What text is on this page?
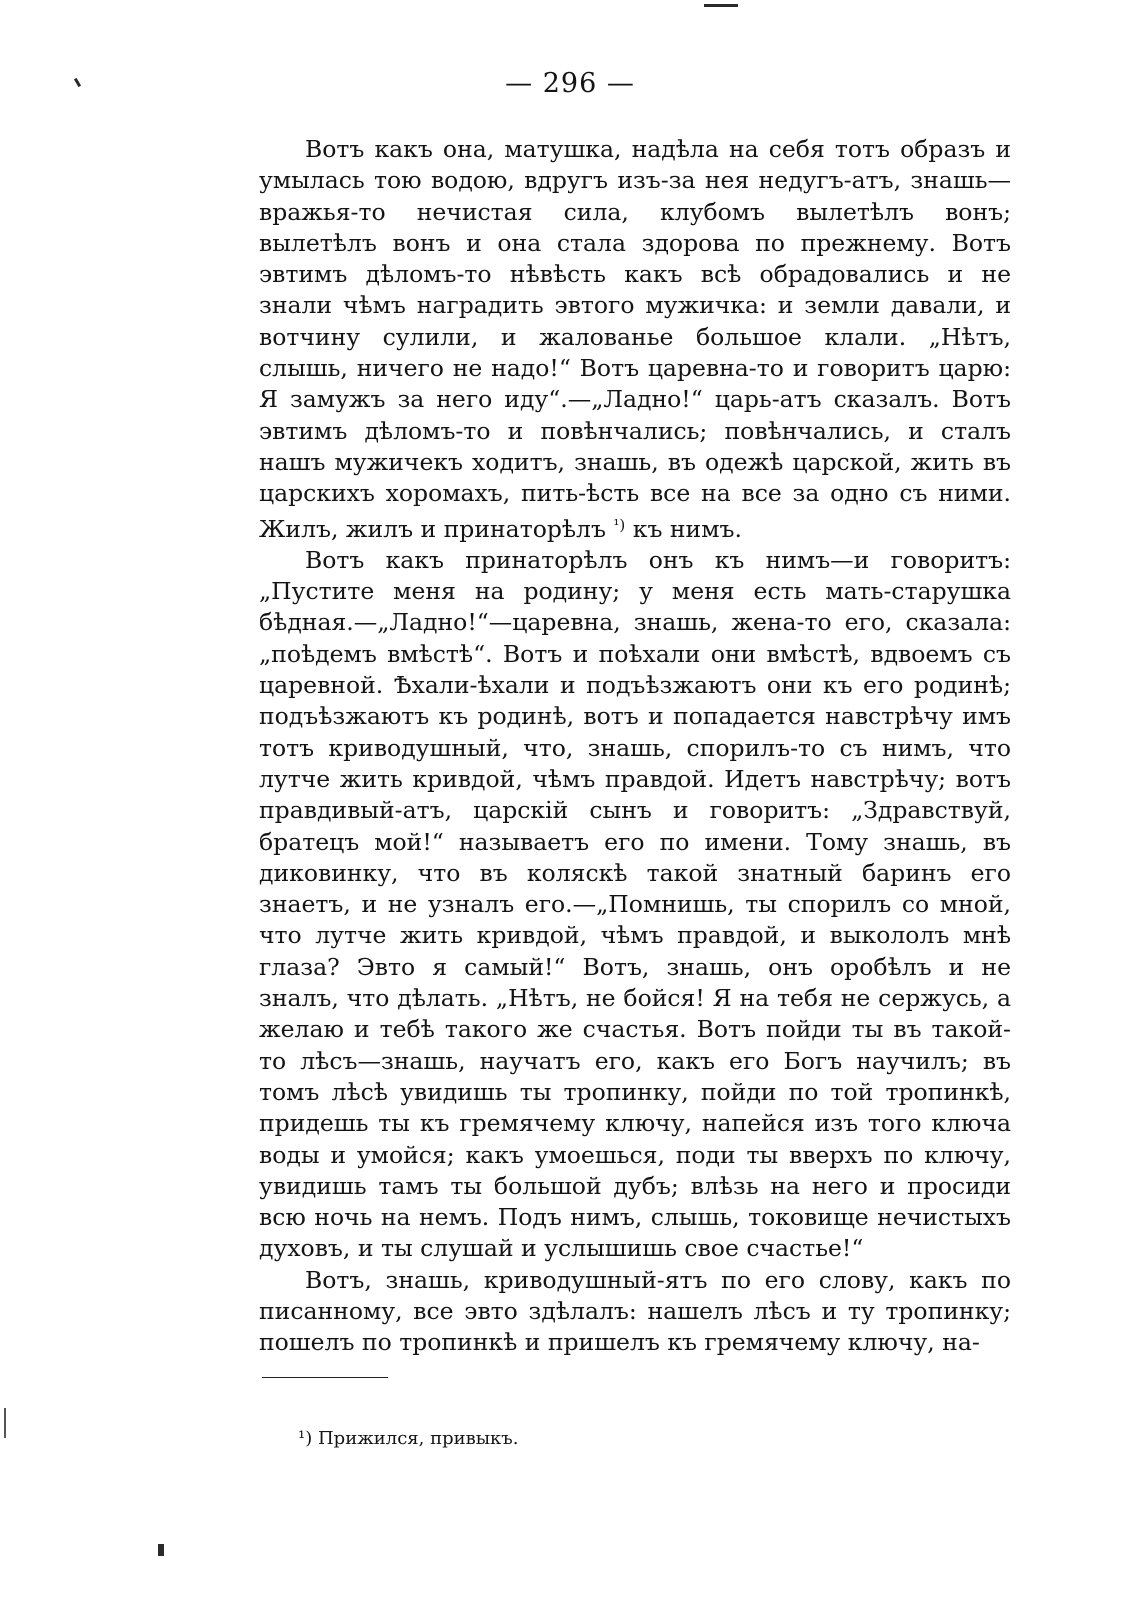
— 296 —

Вотъ какъ она, матушка, надѣла на себя тотъ образъ и умылась тою водою, вдругъ изъ-за нея недугъ-атъ, знашь—вражья-то нечистая сила, клубомъ вылетѣлъ вонъ; вылетѣлъ вонъ и она стала здорова по прежнему. Вотъ эвтимъ дѣломъ-то нѣвѣсть какъ всѣ обрадовались и не знали чѣмъ наградить эвтого мужичка: и земли давали, и вотчину сулили, и жалованье большое клали. „Нѣтъ, слышь, ничего не надо!“ Вотъ царевна-то и говоритъ царю: Я замужъ за него иду“.—„Ладно!“ царь-атъ сказалъ. Вотъ эвтимъ дѣломъ-то и повѣнчались; повѣнчались, и сталъ нашъ мужичекъ ходитъ, знашь, въ одежѣ царской, жить въ царскихъ хоромахъ, пить-ѣсть все на все за одно съ ними. Жилъ, жилъ и принаторѣлъ $^{^1)}$ къ нимъ.

Вотъ какъ принаторѣлъ онъ къ нимъ—и говоритъ: „Пустите меня на родину; у меня есть мать-старушка бѣдная.—„Ладно!“—царевна, знашь, жена-то его, сказала: „поѣдемъ вмѣстѣ“. Вотъ и поѣхали они вмѣстѣ, вдвоемъ съ царевной. Ѣхали-ѣхали и подъѣзжаютъ они къ его родинѣ; подъѣзжаютъ къ родинѣ, вотъ и попадается навстрѣчу имъ тотъ криводушный, что, знашь, спорилъ-то съ нимъ, что лутче жить кривдой, чѣмъ правдой. Идетъ навстрѣчу; вотъ правдивый-атъ, царскій сынъ и говоритъ: „Здравствуй, братецъ мой!“ называетъ его по имени. Тому знашь, въ диковинку, что въ коляскѣ такой знатный баринъ его знаетъ, и не узналъ его.—„Помнишь, ты спорилъ со мной, что лутче жить кривдой, чѣмъ правдой, и выкололъ мнѣ глаза? Эвто я самый!“ Вотъ, знашь, онъ оробѣлъ и не зналъ, что дѣлать. „Нѣтъ, не бойся! Я на тебя не сержусь, а желаю и тебѣ такого же счастья. Вотъ пойди ты въ такой-то лѣсъ—знашь, научатъ его, какъ его Богъ научилъ; въ томъ лѣсѣ увидишь ты тропинку, пойди по той тропинкѣ, придешь ты къ гремячему ключу, напейся изъ того ключа воды и умойся; какъ умоешься, поди ты вверхъ по ключу, увидишь тамъ ты большой дубъ; влѣзь на него и просиди всю ночь на немъ. Подъ нимъ, слышь, токовище нечистыхъ духовъ, и ты слушай и услышишь свое счастье!“

Вотъ, знашь, криводушный-ятъ по его слову, какъ по писанному, все эвто здѣлалъ: нашелъ лѣсъ и ту тропинку; пошелъ по тропинкѣ и пришелъ къ гремячему ключу, на-

¹) Прижился, привыкъ.
